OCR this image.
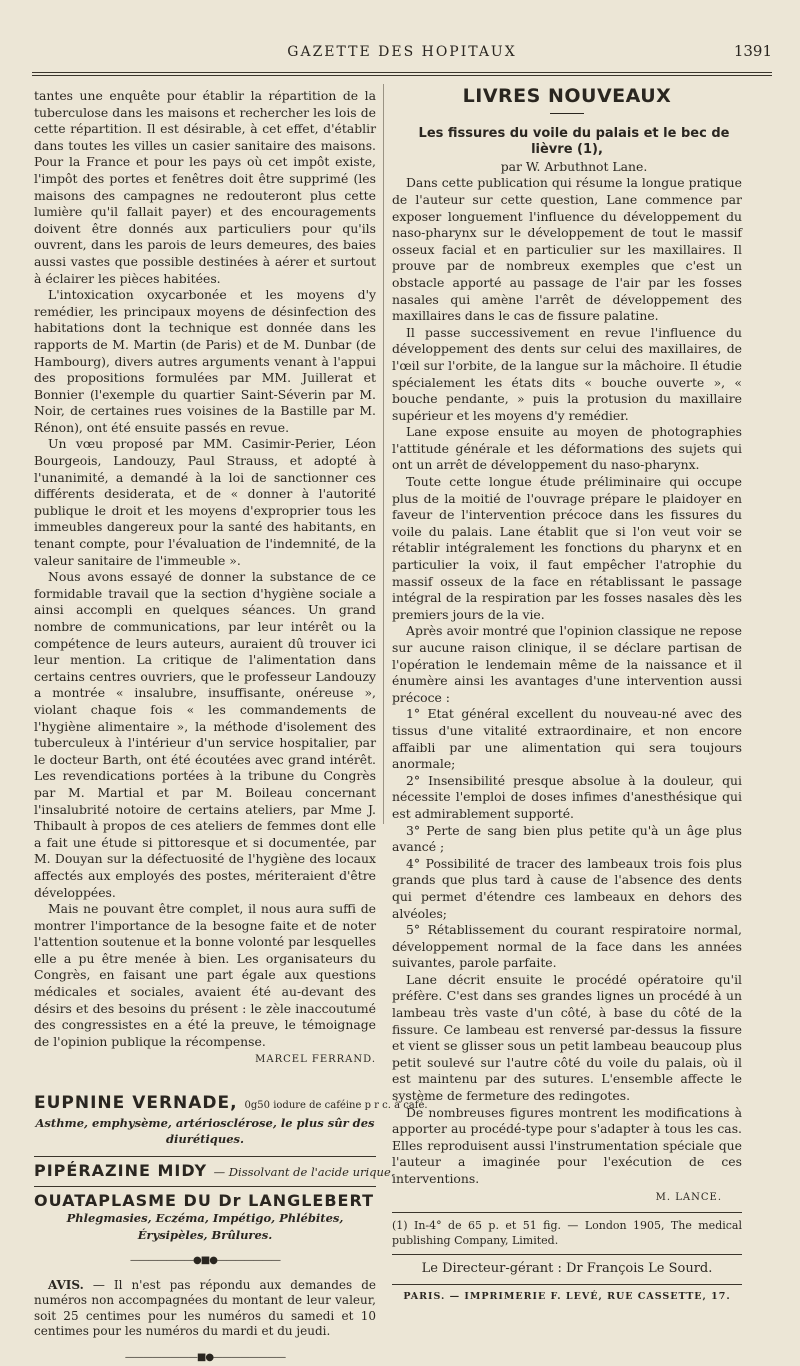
GAZETTE DES HOPITAUX	1391

tantes une enquête pour établir la répartition de la tuberculose dans les maisons et rechercher les lois de cette répartition. Il est désirable, à cet effet, d'établir dans toutes les villes un casier sanitaire des maisons. Pour la France et pour les pays où cet impôt existe, l'impôt des portes et fenêtres doit être supprimé (les maisons des campagnes ne redouteront plus cette lumière qu'il fallait payer) et des encouragements doivent être donnés aux particuliers pour qu'ils ouvrent, dans les parois de leurs demeures, des baies aussi vastes que possible destinées à aérer et surtout à éclairer les pièces habitées.

L'intoxication oxycarbonée et les moyens d'y remédier, les principaux moyens de désinfection des habitations dont la technique est donnée dans les rapports de M. Martin (de Paris) et de M. Dunbar (de Hambourg), divers autres arguments venant à l'appui des propositions formulées par MM. Juillerat et Bonnier (l'exemple du quartier Saint-Séverin par M. Noir, de certaines rues voisines de la Bastille par M. Rénon), ont été ensuite passés en revue.

Un vœu proposé par MM. Casimir-Perier, Léon Bourgeois, Landouzy, Paul Strauss, et adopté à l'unanimité, a demandé à la loi de sanctionner ces différents desiderata, et de « donner à l'autorité publique le droit et les moyens d'exproprier tous les immeubles dangereux pour la santé des habitants, en tenant compte, pour l'évaluation de l'indemnité, de la valeur sanitaire de l'immeuble ».

Nous avons essayé de donner la substance de ce formidable travail que la section d'hygiène sociale a ainsi accompli en quelques séances. Un grand nombre de communications, par leur intérêt ou la compétence de leurs auteurs, auraient dû trouver ici leur mention. La critique de l'alimentation dans certains centres ouvriers, que le professeur Landouzy a montrée « insalubre, insuffisante, onéreuse », violant chaque fois « les commandements de l'hygiène alimentaire », la méthode d'isolement des tuberculeux à l'intérieur d'un service hospitalier, par le docteur Barth, ont été écoutées avec grand intérêt. Les revendications portées à la tribune du Congrès par M. Martial et par M. Boileau concernant l'insalubrité notoire de certains ateliers, par Mme J. Thibault à propos de ces ateliers de femmes dont elle a fait une étude si pittoresque et si documentée, par M. Douyan sur la défectuosité de l'hygiène des locaux affectés aux employés des postes, mériteraient d'être développées.

Mais ne pouvant être complet, il nous aura suffi de montrer l'importance de la besogne faite et de noter l'attention soutenue et la bonne volonté par lesquelles elle a pu être menée à bien. Les organisateurs du Congrès, en faisant une part égale aux questions médicales et sociales, avaient été au-devant des désirs et des besoins du présent : le zèle inaccoutumé des congressistes en a été la preuve, le témoignage de l'opinion publique la récompense.

MARCEL FERRAND.
EUPNINE VERNADE, 0g50 iodure de caféine p r c. à café.
Asthme, emphysème, artériosclérose, le plus sûr des diurétiques.
PIPÉRAZINE MIDY — Dissolvant de l'acide urique.
OUATAPLASME DU Dr LANGLEBERT
Phlegmasies, Eczéma, Impétigo, Phlébites, Érysipèles, Brûlures.
———————●■●———————

AVIS. — Il n'est pas répondu aux demandes de numéros non accompagnées du montant de leur valeur, soit 25 centimes pour les numéros du samedi et 10 centimes pour les numéros du mardi et du jeudi.

————————■●————————
LIVRES NOUVEAUX

Les fissures du voile du palais et le bec de lièvre (1),

par W. Arbuthnot Lane.

Dans cette publication qui résume la longue pratique de l'auteur sur cette question, Lane commence par exposer longuement l'influence du développement du naso-pharynx sur le développement de tout le massif osseux facial et en particulier sur les maxillaires. Il prouve par de nombreux exemples que c'est un obstacle apporté au passage de l'air par les fosses nasales qui amène l'arrêt de développement des maxillaires dans le cas de fissure palatine.

Il passe successivement en revue l'influence du développement des dents sur celui des maxillaires, de l'œil sur l'orbite, de la langue sur la mâchoire. Il étudie spécialement les états dits « bouche ouverte », « bouche pendante, » puis la protusion du maxillaire supérieur et les moyens d'y remédier.

Lane expose ensuite au moyen de photographies l'attitude générale et les déformations des sujets qui ont un arrêt de développement du naso-pharynx.

Toute cette longue étude préliminaire qui occupe plus de la moitié de l'ouvrage prépare le plaidoyer en faveur de l'intervention précoce dans les fissures du voile du palais. Lane établit que si l'on veut voir se rétablir intégralement les fonctions du pharynx et en particulier la voix, il faut empêcher l'atrophie du massif osseux de la face en rétablissant le passage intégral de la respiration par les fosses nasales dès les premiers jours de la vie.

Après avoir montré que l'opinion classique ne repose sur aucune raison clinique, il se déclare partisan de l'opération le lendemain même de la naissance et il énumère ainsi les avantages d'une intervention aussi précoce :

1° Etat général excellent du nouveau-né avec des tissus d'une vitalité extraordinaire, et non encore affaibli par une alimentation qui sera toujours anormale;

2° Insensibilité presque absolue à la douleur, qui nécessite l'emploi de doses infimes d'anesthésique qui est admirablement supporté.

3° Perte de sang bien plus petite qu'à un âge plus avancé ;

4° Possibilité de tracer des lambeaux trois fois plus grands que plus tard à cause de l'absence des dents qui permet d'étendre ces lambeaux en dehors des alvéoles;

5° Rétablissement du courant respiratoire normal, développement normal de la face dans les années suivantes, parole parfaite.

Lane décrit ensuite le procédé opératoire qu'il préfère. C'est dans ses grandes lignes un procédé à un lambeau très vaste d'un côté, à base du côté de la fissure. Ce lambeau est renversé par-dessus la fissure et vient se glisser sous un petit lambeau beaucoup plus petit soulevé sur l'autre côté du voile du palais, où il est maintenu par des sutures. L'ensemble affecte le système de fermeture des redingotes.

De nombreuses figures montrent les modifications à apporter au procédé-type pour s'adapter à tous les cas. Elles reproduisent aussi l'instrumentation spéciale que l'auteur a imaginée pour l'exécution de ces interventions.

M. LANCE.
(1) In-4° de 65 p. et 51 fig. — London 1905, The medical publishing Company, Limited.
Le Directeur-gérant : Dr François Le Sourd.
PARIS. — IMPRIMERIE F. LEVÉ, RUE CASSETTE, 17.
